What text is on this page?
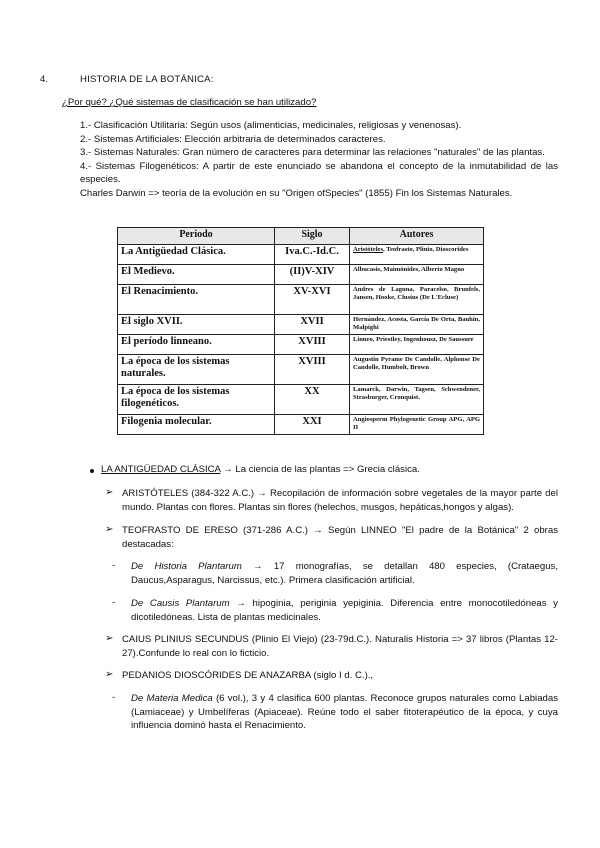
4.	HISTORIA DE LA BOTÁNICA:
¿Por qué? ¿Qué sistemas de clasificación se han utilizado?

1.- Clasificación Utilitaria: Según usos (alimenticias, medicinales, religiosas y venenosas).

2.- Sistemas Artificiales: Elección arbitraria de determinados caracteres.

3.- Sistemas Naturales: Gran número de caracteres para determinar las relaciones "naturales" de las plantas.

4.- Sistemas Filogenéticos: A partir de este enunciado se abandona el concepto de la inmutabilidad de las especies.

Charles Darwin => teoría de la evolución en su "Origen ofSpecies" (1855) Fin los Sistemas Naturales.

Periodo	Siglo	Autores
La Antigüedad Clásica.	Iva.C.-Id.C.	Aristóteles, Teofrasto, Plinio, Dioscorides
El Medievo.	(II)V-XIV	Albucasis, Maimónides, Alberto Magno
El Renacimiento.	XV-XVI	Andres de Laguna, Paracelso, Brunfels, Jansen, Hooke, Clusius (De L'Ecluse)
El siglo XVII.	XVII	Hernández, Acosta, García De Orta, Bauhin, Malpighi
El período linneano.	XVIII	Linneo, Priestley, Ingenhousz, De Saussure
La época de los sistemas naturales.	XVIII	Augustin Pyrame De Candolle, Alphonse De Candolle, Humbolt, Brown
La época de los sistemas filogenéticos.	XX	Lamarck, Darwin, Tagsen, Schwendener, Strasburger, Cronquist.
Filogenia molecular.	XXI	Angiosperm Phylogenetic Group APG, APG II
LA ANTIGÜEDAD CLÁSICA → La ciencia de las plantas => Grecia clásica.
➢ ARISTÓTELES (384-322 A.C.) → Recopilación de información sobre vegetales de la mayor parte del mundo. Plantas con flores. Plantas sin flores (helechos, musgos, hepáticas,hongos y algas).
➢ TEOFRASTO DE ERESO (371-286 A.C.) → Según LINNEO "El padre de la Botánica" 2 obras destacadas:
- De Historia Plantarum → 17 monografías, se detallan 480 especies, (Crataegus, Daucus,Asparagus, Narcissus, etc.). Primera clasificación artificial.
- De Causis Plantarum → hipoginia, periginia yepiginia. Diferencia entre monocotiledóneas y dicotiledóneas. Lista de plantas medicinales.
➢ CAIUS PLINIUS SECUNDUS (Plinio El Viejo) (23-79d.C.). Naturalis Historia => 37 libros (Plantas 12-27).Confunde lo real con lo ficticio.
➢ PEDANIOS DIOSCÓRIDES DE ANAZARBA (siglo I d. C.).,
- De Materia Medica (6 vol.), 3 y 4 clasifica 600 plantas. Reconoce grupos naturales como Labiadas (Lamiaceae) y Umbelíferas (Apiaceae). Reúne todo el saber fitoterapéutico de la época, y cuya influencia dominó hasta el Renacimiento.
